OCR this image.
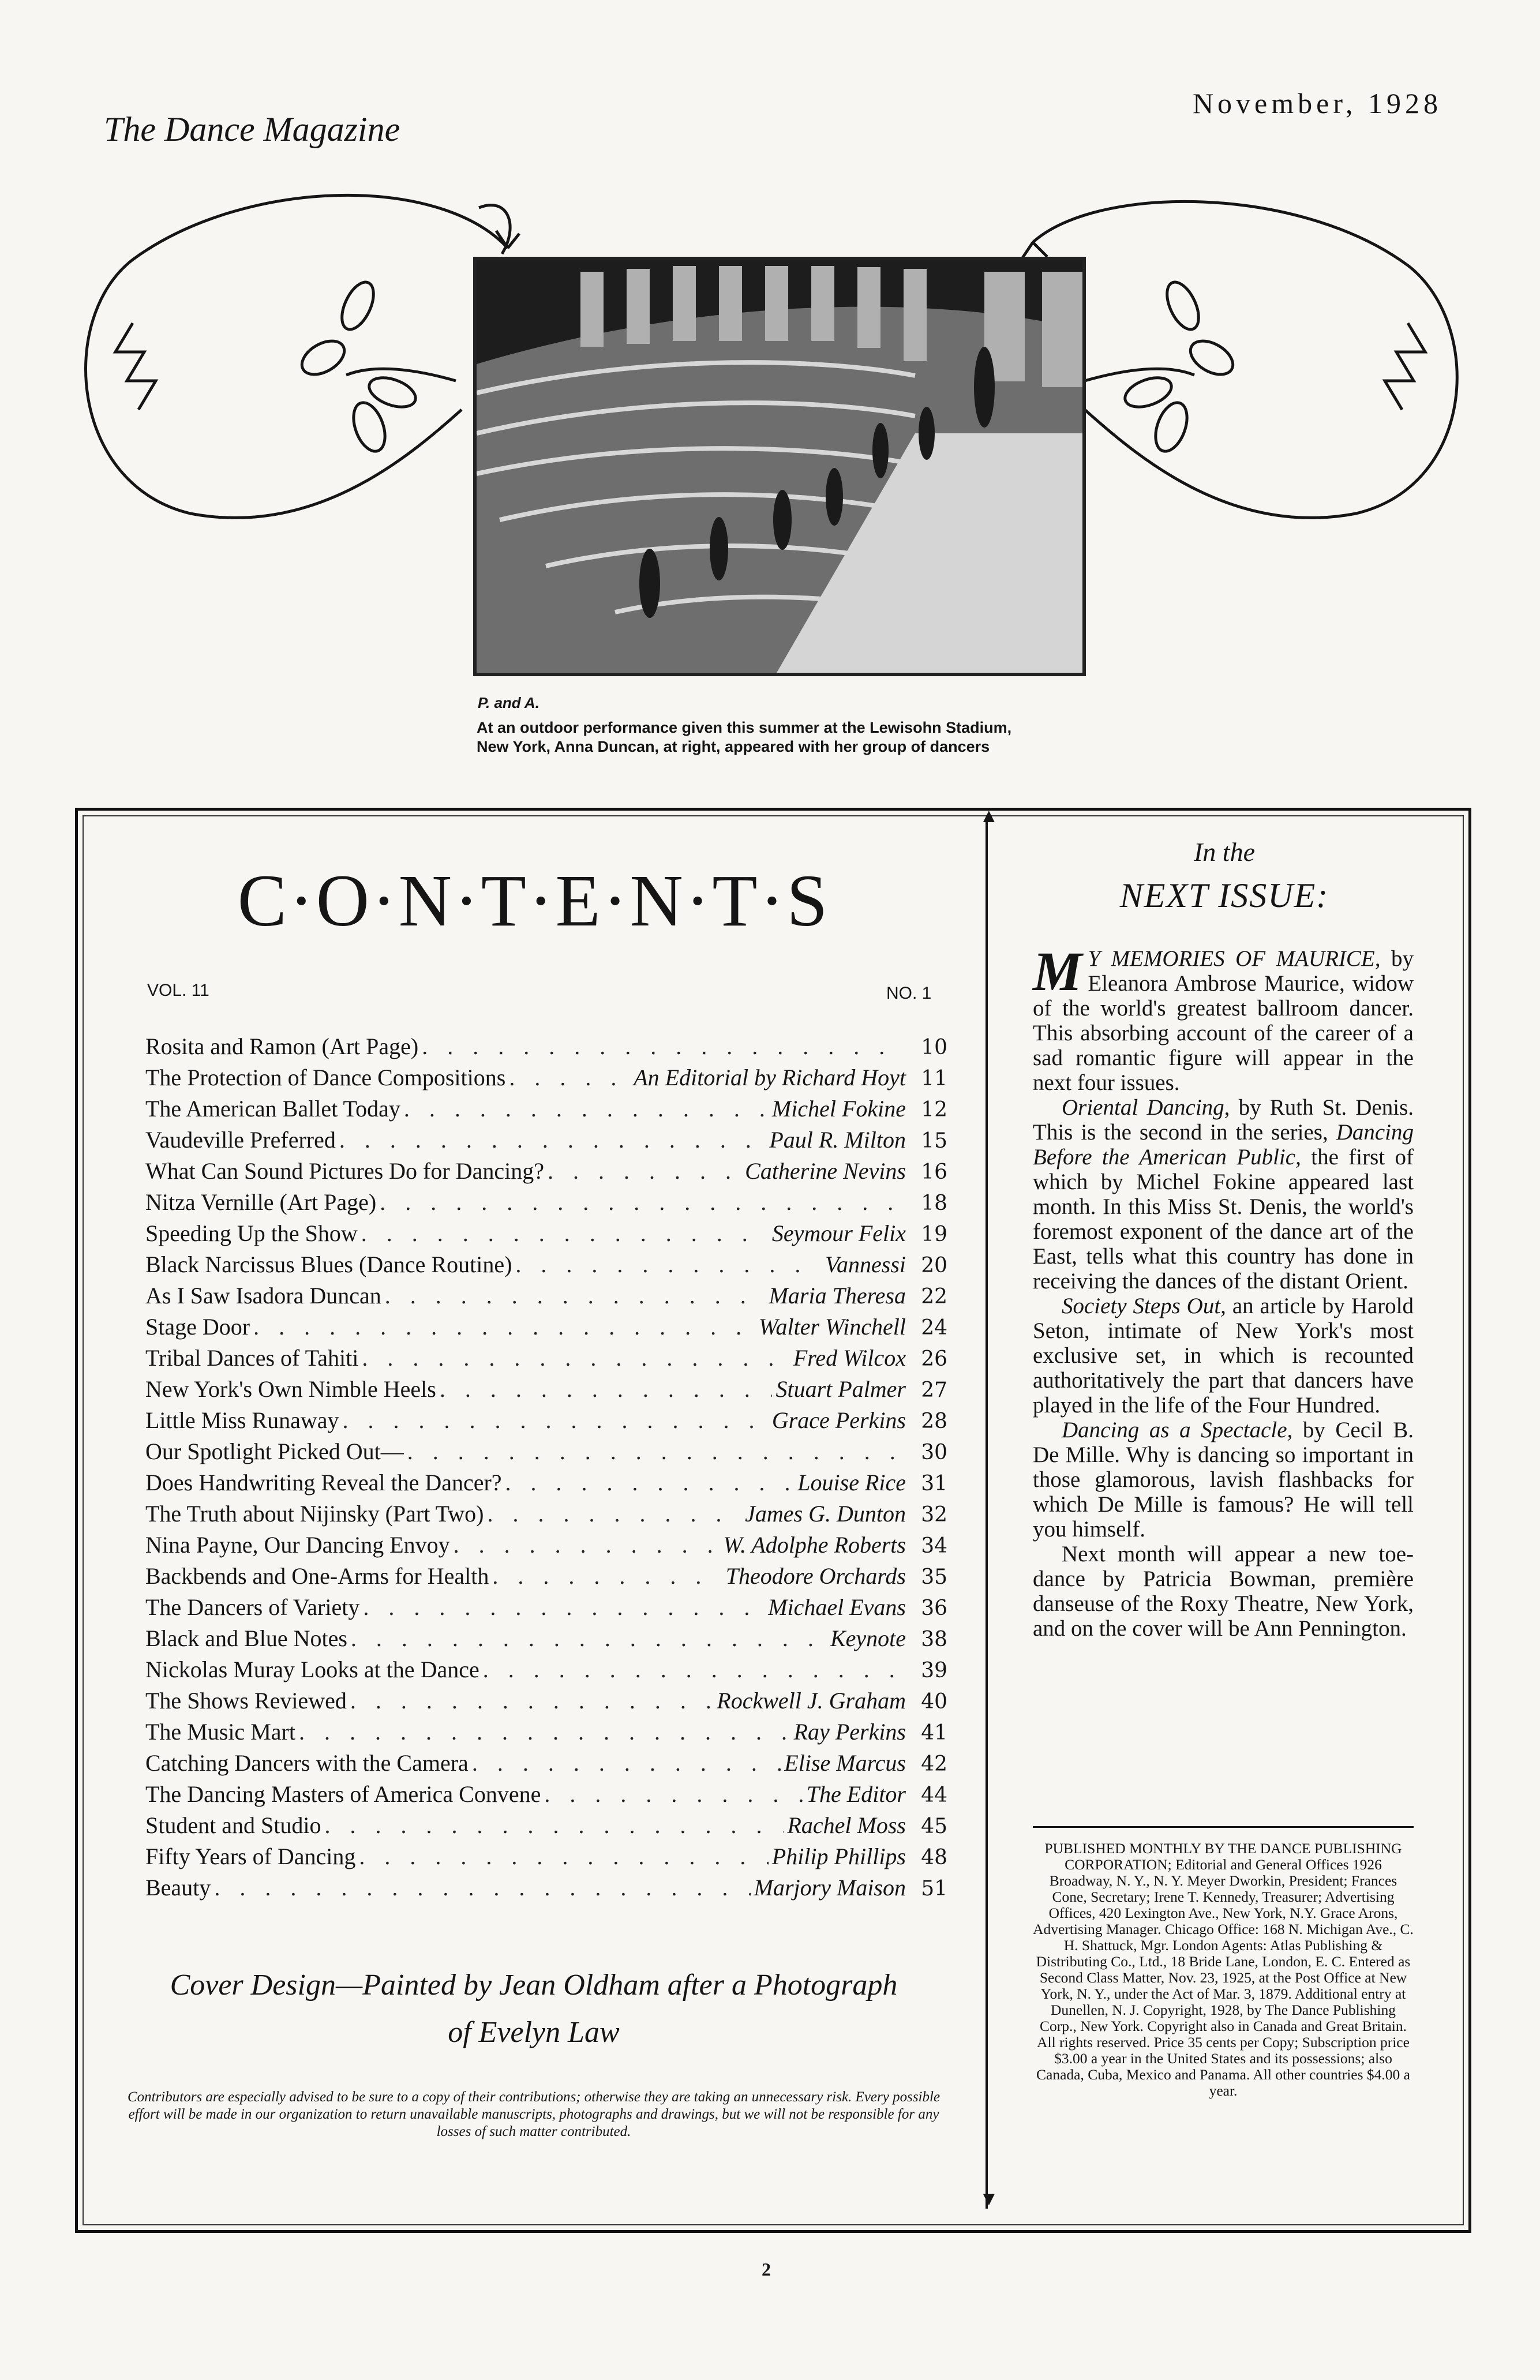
The Dance Magazine
November, 1928
P. and A.
At an outdoor performance given this summer at the Lewisohn Stadium,
New York, Anna Duncan, at right, appeared with her group of dancers
▲
▼
C·O·N·T·E·N·T·S
VOL. 11	NO. 1
Rosita and Ramon (Art Page) . . .	10
The Protection of Dance Compositions . . .	An Editorial by Richard Hoyt 11
The American Ballet Today . . .	Michel Fokine 12
Vaudeville Preferred . . .	Paul R. Milton 15
What Can Sound Pictures Do for Dancing? . . .	Catherine Nevins 16
Nitza Vernille (Art Page) . . .	18
Speeding Up the Show . . .	Seymour Felix 19
Black Narcissus Blues (Dance Routine) . . .	Vannessi 20
As I Saw Isadora Duncan . . .	Maria Theresa 22
Stage Door . . .	Walter Winchell 24
Tribal Dances of Tahiti . . .	Fred Wilcox 26
New York's Own Nimble Heels . . .	Stuart Palmer 27
Little Miss Runaway . . .	Grace Perkins 28
Our Spotlight Picked Out— . . .	30
Does Handwriting Reveal the Dancer? . . .	Louise Rice 31
The Truth about Nijinsky (Part Two) . . .	James G. Dunton 32
Nina Payne, Our Dancing Envoy . . .	W. Adolphe Roberts 34
Backbends and One-Arms for Health . . .	Theodore Orchards 35
The Dancers of Variety . . .	Michael Evans 36
Black and Blue Notes . . .	Keynote 38
Nickolas Muray Looks at the Dance . . .	39
The Shows Reviewed . . .	Rockwell J. Graham 40
The Music Mart . . .	Ray Perkins 41
Catching Dancers with the Camera . . .	Elise Marcus 42
The Dancing Masters of America Convene . . .	The Editor 44
Student and Studio . . .	Rachel Moss 45
Fifty Years of Dancing . . .	Philip Phillips 48
Beauty . . .	Marjory Maison 51
Cover Design—Painted by Jean Oldham after a Photograph
of Evelyn Law
Contributors are especially advised to be sure to a copy of their contributions; otherwise they are taking an unnecessary risk. Every possible effort will be made in our organization to return unavailable manuscripts, photographs and drawings, but we will not be responsible for any losses of such matter contributed.
In the
NEXT ISSUE:

M Y MEMORIES OF MAURICE, by Eleanora Ambrose Maurice, widow of the world's greatest ballroom dancer. This absorbing account of the career of a sad romantic figure will appear in the next four issues.

Oriental Dancing, by Ruth St. Denis. This is the second in the series, Dancing Before the American Public, the first of which by Michel Fokine appeared last month. In this Miss St. Denis, the world's foremost exponent of the dance art of the East, tells what this country has done in receiving the dances of the distant Orient.

Society Steps Out, an article by Harold Seton, intimate of New York's most exclusive set, in which is recounted authoritatively the part that dancers have played in the life of the Four Hundred.

Dancing as a Spectacle, by Cecil B. De Mille. Why is dancing so important in those glamorous, lavish flashbacks for which De Mille is famous? He will tell you himself.

Next month will appear a new toe-dance by Patricia Bowman, première danseuse of the Roxy Theatre, New York, and on the cover will be Ann Pennington.

PUBLISHED MONTHLY BY THE DANCE PUBLISHING CORPORATION; Editorial and General Offices 1926 Broadway, N. Y., N. Y. Meyer Dworkin, President; Frances Cone, Secretary; Irene T. Kennedy, Treasurer; Advertising Offices, 420 Lexington Ave., New York, N.Y. Grace Arons, Advertising Manager. Chicago Office: 168 N. Michigan Ave., C. H. Shattuck, Mgr. London Agents: Atlas Publishing & Distributing Co., Ltd., 18 Bride Lane, London, E. C. Entered as Second Class Matter, Nov. 23, 1925, at the Post Office at New York, N. Y., under the Act of Mar. 3, 1879. Additional entry at Dunellen, N. J. Copyright, 1928, by The Dance Publishing Corp., New York. Copyright also in Canada and Great Britain. All rights reserved. Price 35 cents per Copy; Subscription price $3.00 a year in the United States and its possessions; also Canada, Cuba, Mexico and Panama. All other countries $4.00 a year.
2
